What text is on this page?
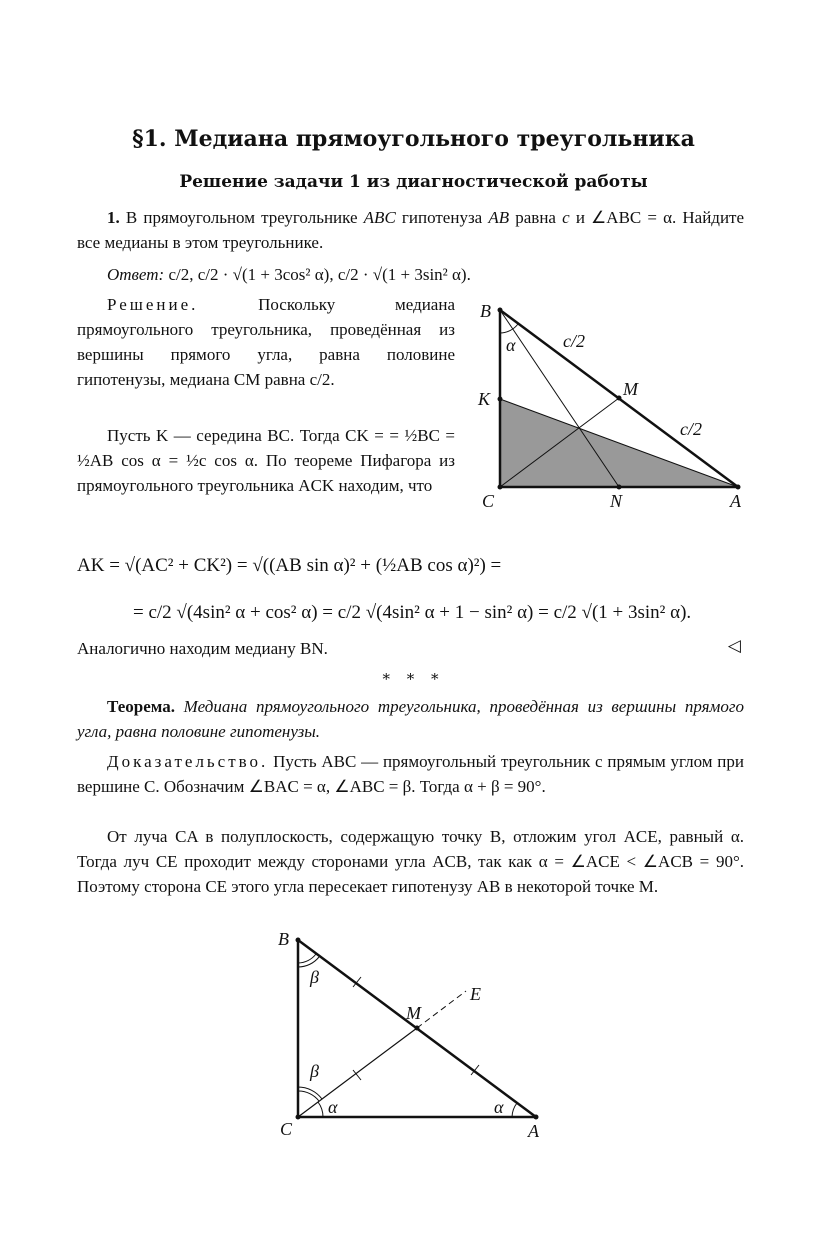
§1. Медиана прямоугольного треугольника
Решение задачи 1 из диагностической работы

1. В прямоугольном треугольнике ABC гипотенуза AB равна c и ∠ABC = α. Найдите все медианы в этом треугольнике.

Ответ: c/2, c/2 · √(1 + 3cos² α), c/2 · √(1 + 3sin² α).

Решение.	Поскольку медиана прямоугольного треугольника, проведённая из вершины прямого угла, равна половине гипотенузы, медиана CM равна c/2.

Пусть K — середина BC. Тогда CK = = ½BC = ½AB cos α = ½c cos α. По теореме Пифагора из прямоугольного треугольника ACK находим, что

B
α
K
C	N	A
M
c/2
c/2
AK = √(AC² + CK²) = √((AB sin α)² + (½AB cos α)²) =
= c/2 √(4sin² α + cos² α) = c/2 √(4sin² α + 1 − sin² α) = c/2 √(1 + 3sin² α).

Аналогично находим медиану BN.	◁
* * *

Теорема. Медиана прямоугольного треугольника, проведённая из вершины прямого угла, равна половине гипотенузы.

Доказательство. Пусть ABC — прямоугольный треугольник с прямым углом при вершине C. Обозначим ∠BAC = α, ∠ABC = β. Тогда α + β = 90°.

От луча CA в полуплоскость, содержащую точку B, отложим угол ACE, равный α. Тогда луч CE проходит между сторонами угла ACB, так как α = ∠ACE < ∠ACB = 90°. Поэтому сторона CE этого угла пересекает гипотенузу AB в некоторой точке M.

B
β
β
α	α
M
E
C	A
